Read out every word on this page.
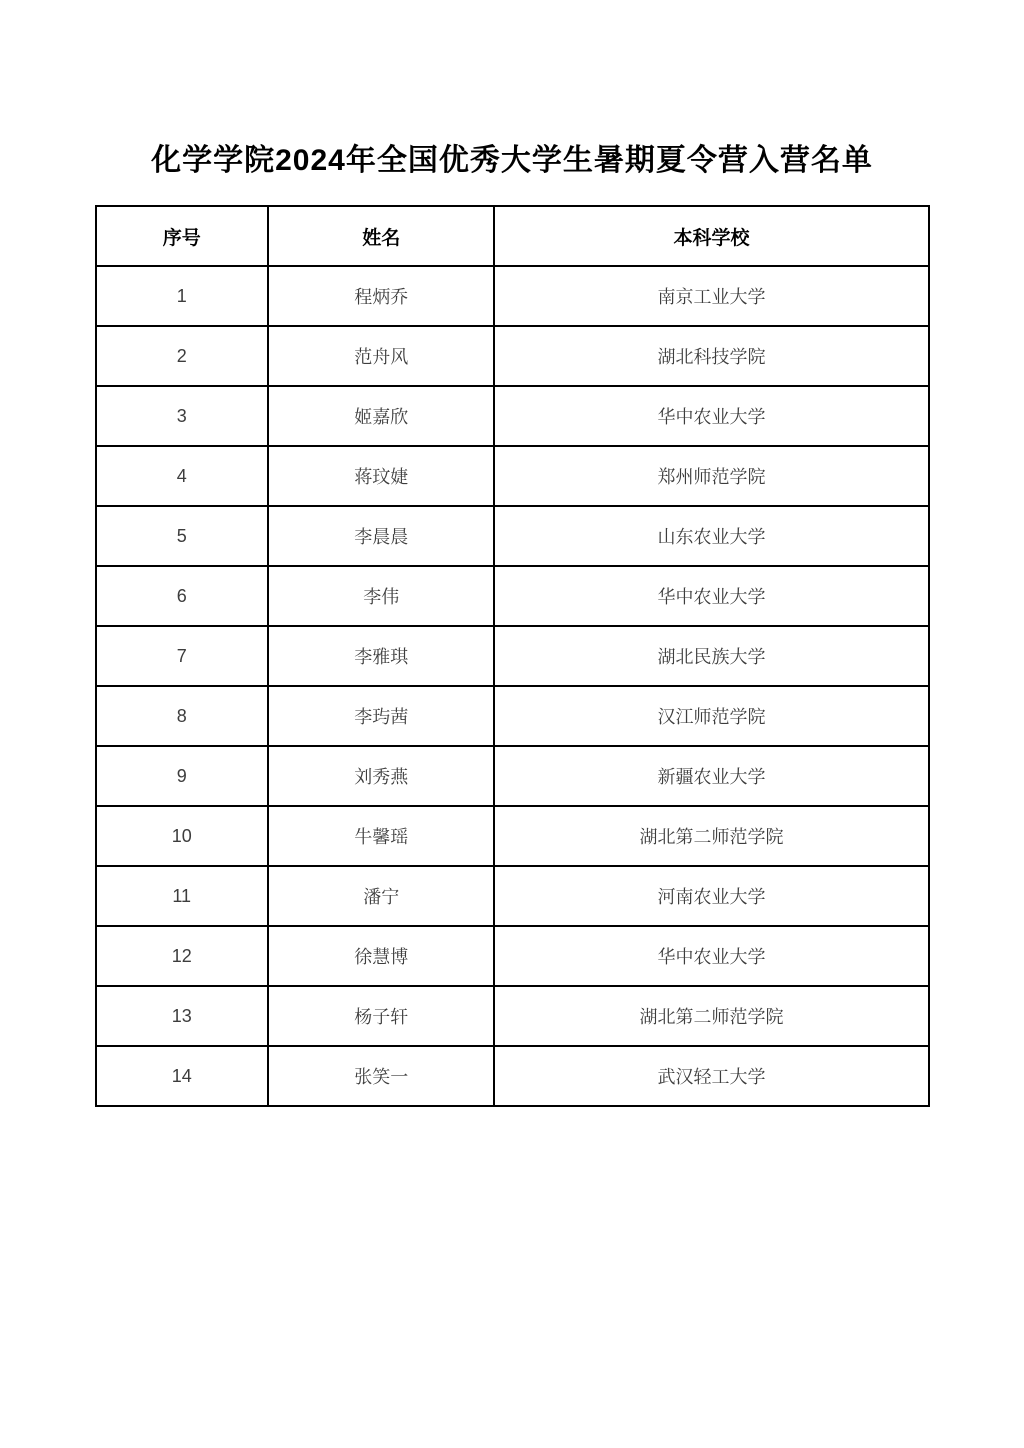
化学学院2024年全国优秀大学生暑期夏令营入营名单
序号	姓名	本科学校
1	程炳乔	南京工业大学
2	范舟风	湖北科技学院
3	姬嘉欣	华中农业大学
4	蒋玟婕	郑州师范学院
5	李晨晨	山东农业大学
6	李伟	华中农业大学
7	李雅琪	湖北民族大学
8	李玙茜	汉江师范学院
9	刘秀燕	新疆农业大学
10	牛馨瑶	湖北第二师范学院
11	潘宁	河南农业大学
12	徐慧博	华中农业大学
13	杨子轩	湖北第二师范学院
14	张笑一	武汉轻工大学
